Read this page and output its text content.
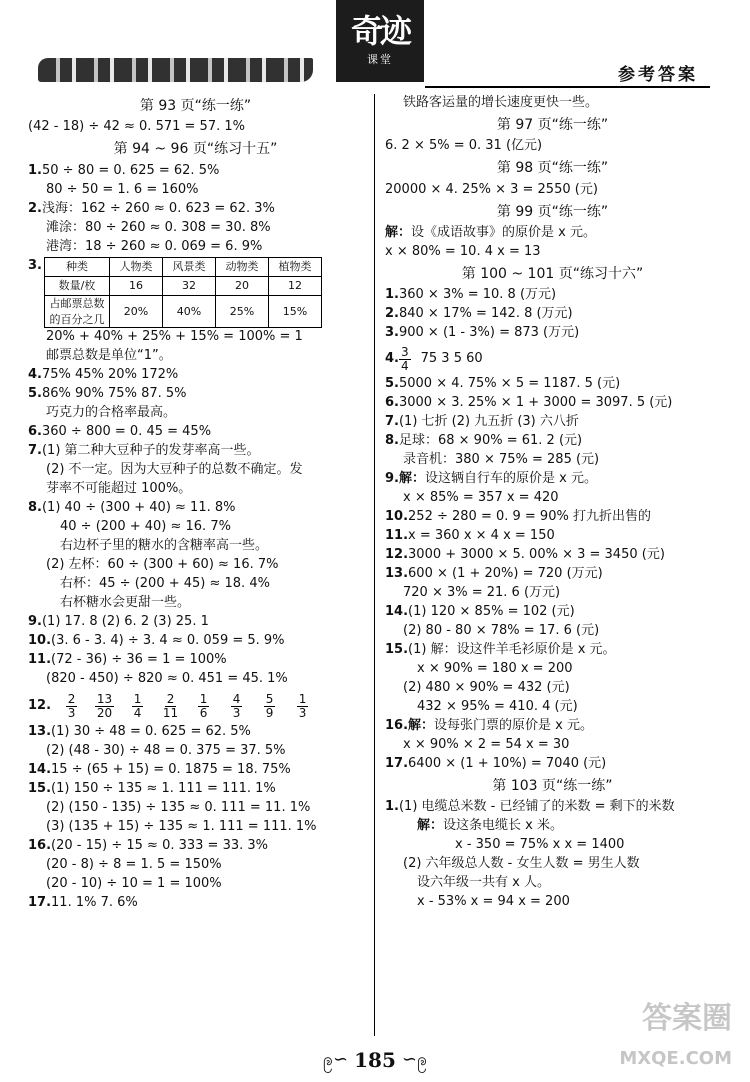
奇迹
课堂
参考答案
第 93 页“练一练”
(42 - 18) ÷ 42 ≈ 0. 571 = 57. 1%
第 94 ~ 96 页“练习十五”
1.50 ÷ 80 = 0. 625 = 62. 5%
80 ÷ 50 = 1. 6 = 160%
2.浅海：162 ÷ 260 ≈ 0. 623 = 62. 3%
滩涂：80 ÷ 260 ≈ 0. 308 = 30. 8%
港湾：18 ÷ 260 ≈ 0. 069 = 6. 9%
3. 种类	人物类	风景类	动物类	植物类
数量/枚	16	32	20	12

占邮票总数
的百分之几	20%	40%	25%	15%
20% + 40% + 25% + 15% = 100% = 1
邮票总数是单位“1”。
4.75% 45% 20% 172%
5.86% 90% 75% 87. 5%
巧克力的合格率最高。
6.360 ÷ 800 = 0. 45 = 45%
7.(1) 第二种大豆种子的发芽率高一些。
(2) 不一定。因为大豆种子的总数不确定。发
芽率不可能超过 100%。
8.(1) 40 ÷ (300 + 40) ≈ 11. 8%
40 ÷ (200 + 40) ≈ 16. 7%
右边杯子里的糖水的含糖率高一些。
(2) 左杯：60 ÷ (300 + 60) ≈ 16. 7%
右杯：45 ÷ (200 + 45) ≈ 18. 4%
右杯糖水会更甜一些。
9.(1) 17. 8 (2) 6. 2 (3) 25. 1
10.(3. 6 - 3. 4) ÷ 3. 4 ≈ 0. 059 = 5. 9%
11.(72 - 36) ÷ 36 = 1 = 100%
(820 - 450) ÷ 820 ≈ 0. 451 = 45. 1%
12. $\frac{2}{3} \frac{13}{20} \frac{1}{4} \frac{2}{11} \frac{1}{6} \frac{4}{3} \frac{5}{9} \frac{1}{3}$
13.(1) 30 ÷ 48 = 0. 625 = 62. 5%
(2) (48 - 30) ÷ 48 = 0. 375 = 37. 5%
14.15 ÷ (65 + 15) = 0. 1875 = 18. 75%
15.(1) 150 ÷ 135 ≈ 1. 111 = 111. 1%
(2) (150 - 135) ÷ 135 ≈ 0. 111 = 11. 1%
(3) (135 + 15) ÷ 135 ≈ 1. 111 = 111. 1%
16.(20 - 15) ÷ 15 ≈ 0. 333 = 33. 3%
(20 - 8) ÷ 8 = 1. 5 = 150%
(20 - 10) ÷ 10 = 1 = 100%
17.11. 1% 7. 6%
铁路客运量的增长速度更快一些。
第 97 页“练一练”
6. 2 × 5% = 0. 31 (亿元)
第 98 页“练一练”
20000 × 4. 25% × 3 = 2550 (元)
第 99 页“练一练”
解：设《成语故事》的原价是 x 元。
x × 80% = 10. 4 x = 13
第 100 ~ 101 页“练习十六”
1.360 × 3% = 10. 8 (万元)
2.840 × 17% = 142. 8 (万元)
3.900 × (1 - 3%) = 873 (万元)
4. $\frac{3}{4} 75$ 3 5 60
5.5000 × 4. 75% × 5 = 1187. 5 (元)
6.3000 × 3. 25% × 1 + 3000 = 3097. 5 (元)
7.(1) 七折 (2) 九五折 (3) 六八折
8.足球：68 × 90% = 61. 2 (元)
录音机：380 × 75% = 285 (元)
9.解：设这辆自行车的原价是 x 元。
x × 85% = 357 x = 420
10.252 ÷ 280 = 0. 9 = 90% 打九折出售的
11.x = 360 x × 4 x = 150
12.3000 + 3000 × 5. 00% × 3 = 3450 (元)
13.600 × (1 + 20%) = 720 (万元)
720 × 3% = 21. 6 (万元)
14.(1) 120 × 85% = 102 (元)
(2) 80 - 80 × 78% = 17. 6 (元)
15.(1) 解：设这件羊毛衫原价是 x 元。
x × 90% = 180 x = 200
(2) 480 × 90% = 432 (元)
432 × 95% = 410. 4 (元)
16.解：设每张门票的原价是 x 元。
x × 90% × 2 = 54 x = 30
17.6400 × (1 + 10%) = 7040 (元)
第 103 页“练一练”
1.(1) 电缆总米数 - 已经铺了的米数 = 剩下的米数
解：设这条电缆长 x 米。
x - 350 = 75% x x = 1400
(2) 六年级总人数 - 女生人数 = 男生人数
设六年级一共有 x 人。
x - 53% x = 94 x = 200
ဨ∽ 185 ∽ဨ
答案圈
MXQE.COM
